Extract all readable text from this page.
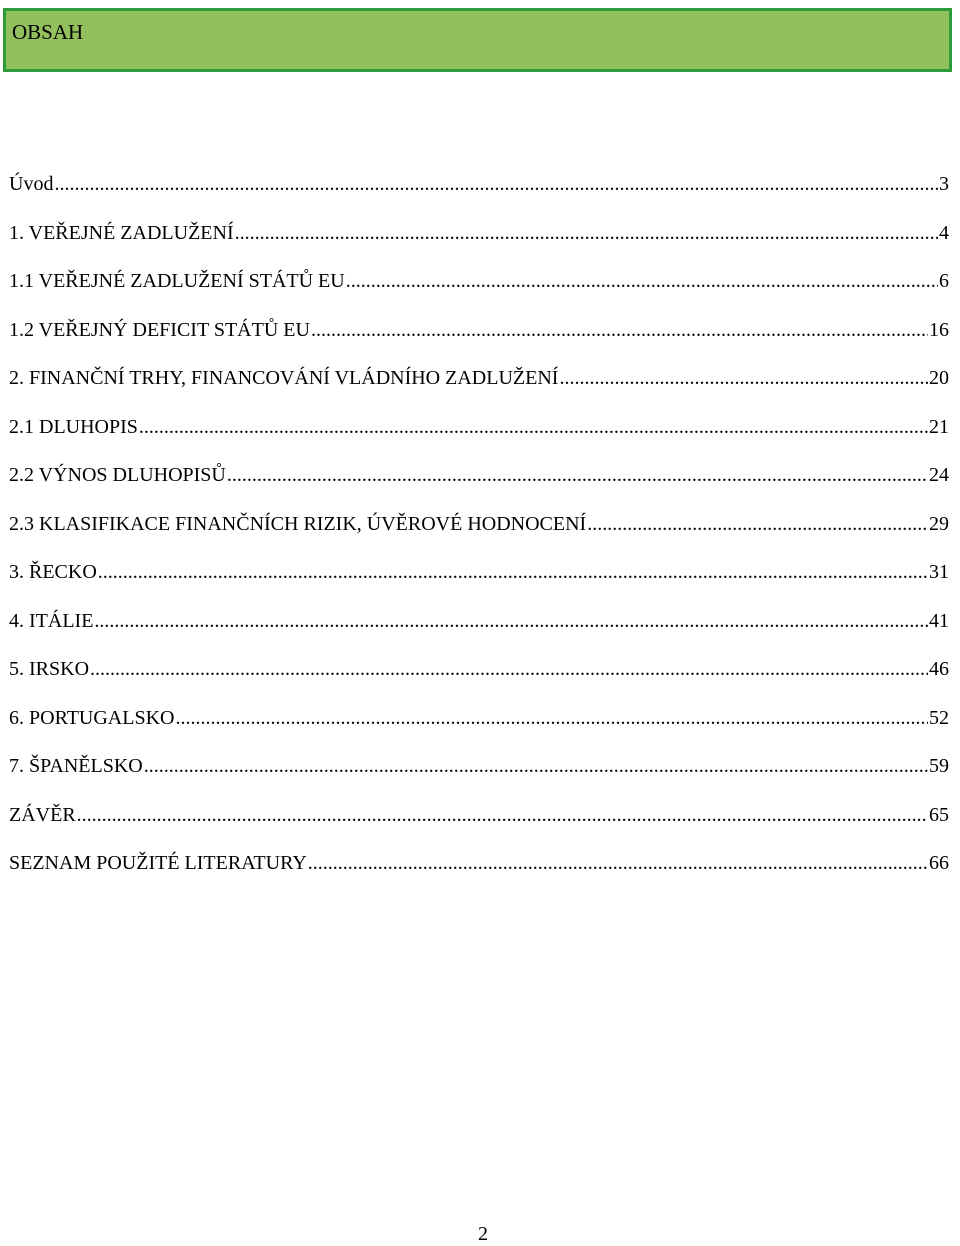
OBSAH
Úvod .....	3
1. VEŘEJNÉ ZADLUŽENÍ .....	4
1.1 VEŘEJNÉ ZADLUŽENÍ STÁTŮ EU .....	6
1.2 VEŘEJNÝ DEFICIT STÁTŮ EU .....	16
2. FINANČNÍ TRHY, FINANCOVÁNÍ VLÁDNÍHO ZADLUŽENÍ .....	20
2.1 DLUHOPIS .....	21
2.2 VÝNOS DLUHOPISŮ .....	24
2.3 KLASIFIKACE FINANČNÍCH RIZIK, ÚVĚROVÉ HODNOCENÍ .....	29
3. ŘECKO .....	31
4. ITÁLIE .....	41
5. IRSKO .....	46
6. PORTUGALSKO .....	52
7. ŠPANĚLSKO .....	59
ZÁVĚR .....	65
SEZNAM POUŽITÉ LITERATURY .....	66
2
